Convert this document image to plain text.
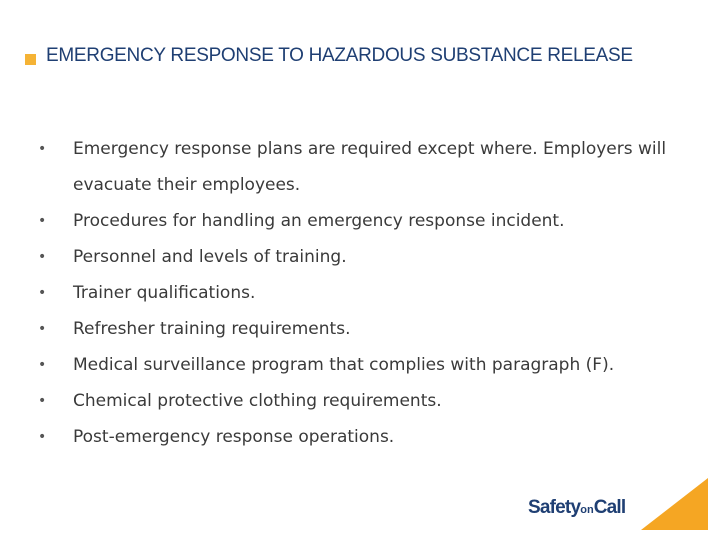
EMERGENCY RESPONSE TO HAZARDOUS SUBSTANCE RELEASE
• Emergency response plans are required except where. Employers will evacuate their employees.
• Procedures for handling an emergency response incident.
• Personnel and levels of training.
• Trainer qualifications.
• Refresher training requirements.
• Medical surveillance program that complies with paragraph (F).
• Chemical protective clothing requirements.
• Post-emergency response operations.
SafetyonCall
